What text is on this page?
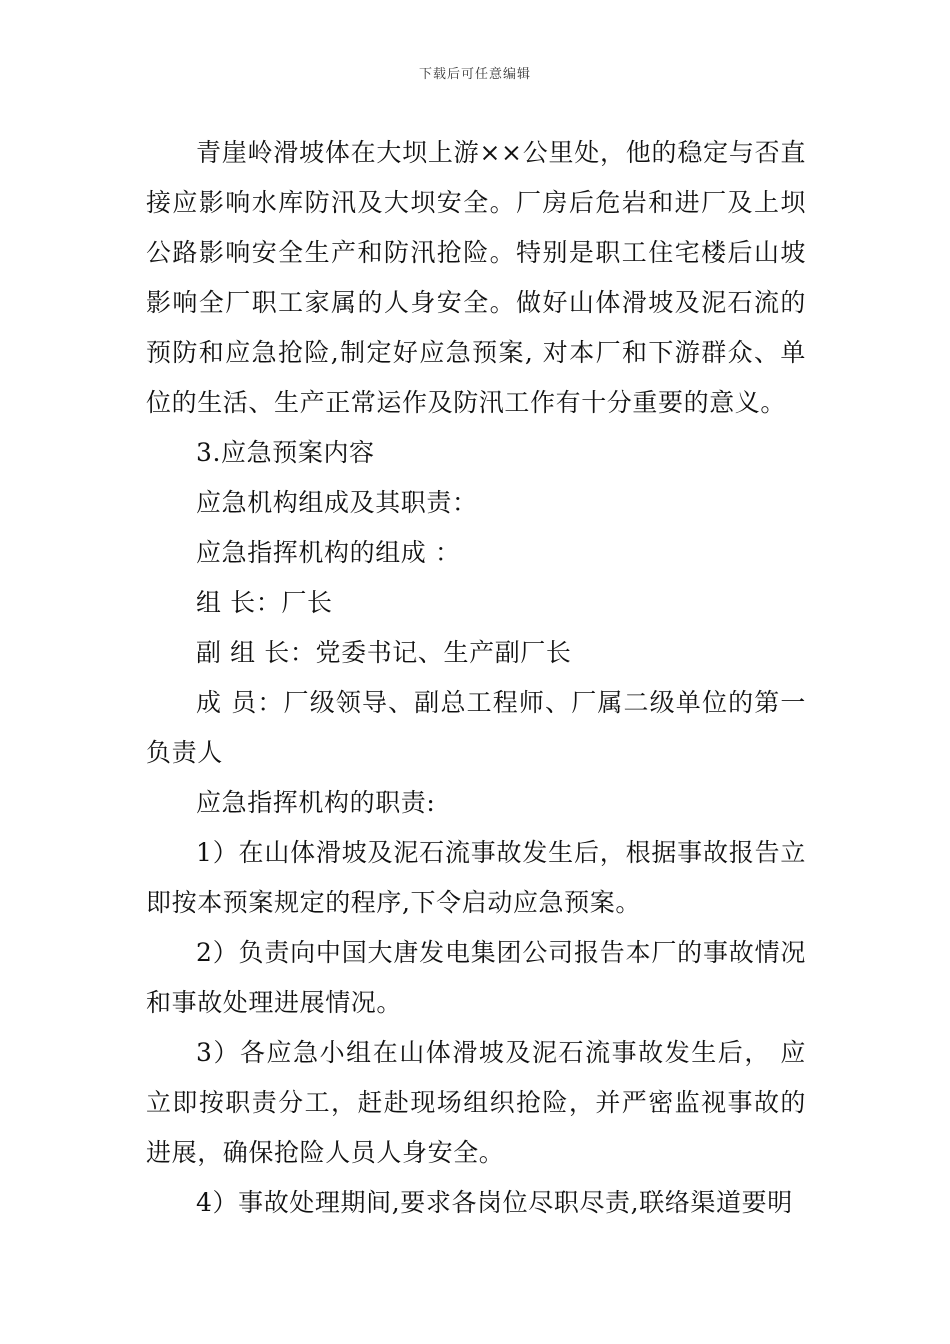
下载后可任意编辑

青崖岭滑坡体在大坝上游××公里处，他的稳定与否直接应影响水库防汛及大坝安全。厂房后危岩和进厂及上坝公路影响安全生产和防汛抢险。特别是职工住宅楼后山坡影响全厂职工家属的人身安全。做好山体滑坡及泥石流的预防和应急抢险,制定好应急预案, 对本厂和下游群众、单位的生活、生产正常运作及防汛工作有十分重要的意义。

3.应急预案内容

应急机构组成及其职责：

应急指挥机构的组成 ：

组 长：厂长

副 组 长：党委书记、生产副厂长

成 员：厂级领导、副总工程师、厂属二级单位的第一负责人

应急指挥机构的职责:

1）在山体滑坡及泥石流事故发生后，根据事故报告立即按本预案规定的程序,下令启动应急预案。

2）负责向中国大唐发电集团公司报告本厂的事故情况和事故处理进展情况。

3）各应急小组在山体滑坡及泥石流事故发生后， 应立即按职责分工，赶赴现场组织抢险，并严密监视事故的进展，确保抢险人员人身安全。

4）事故处理期间,要求各岗位尽职尽责,联络渠道要明
